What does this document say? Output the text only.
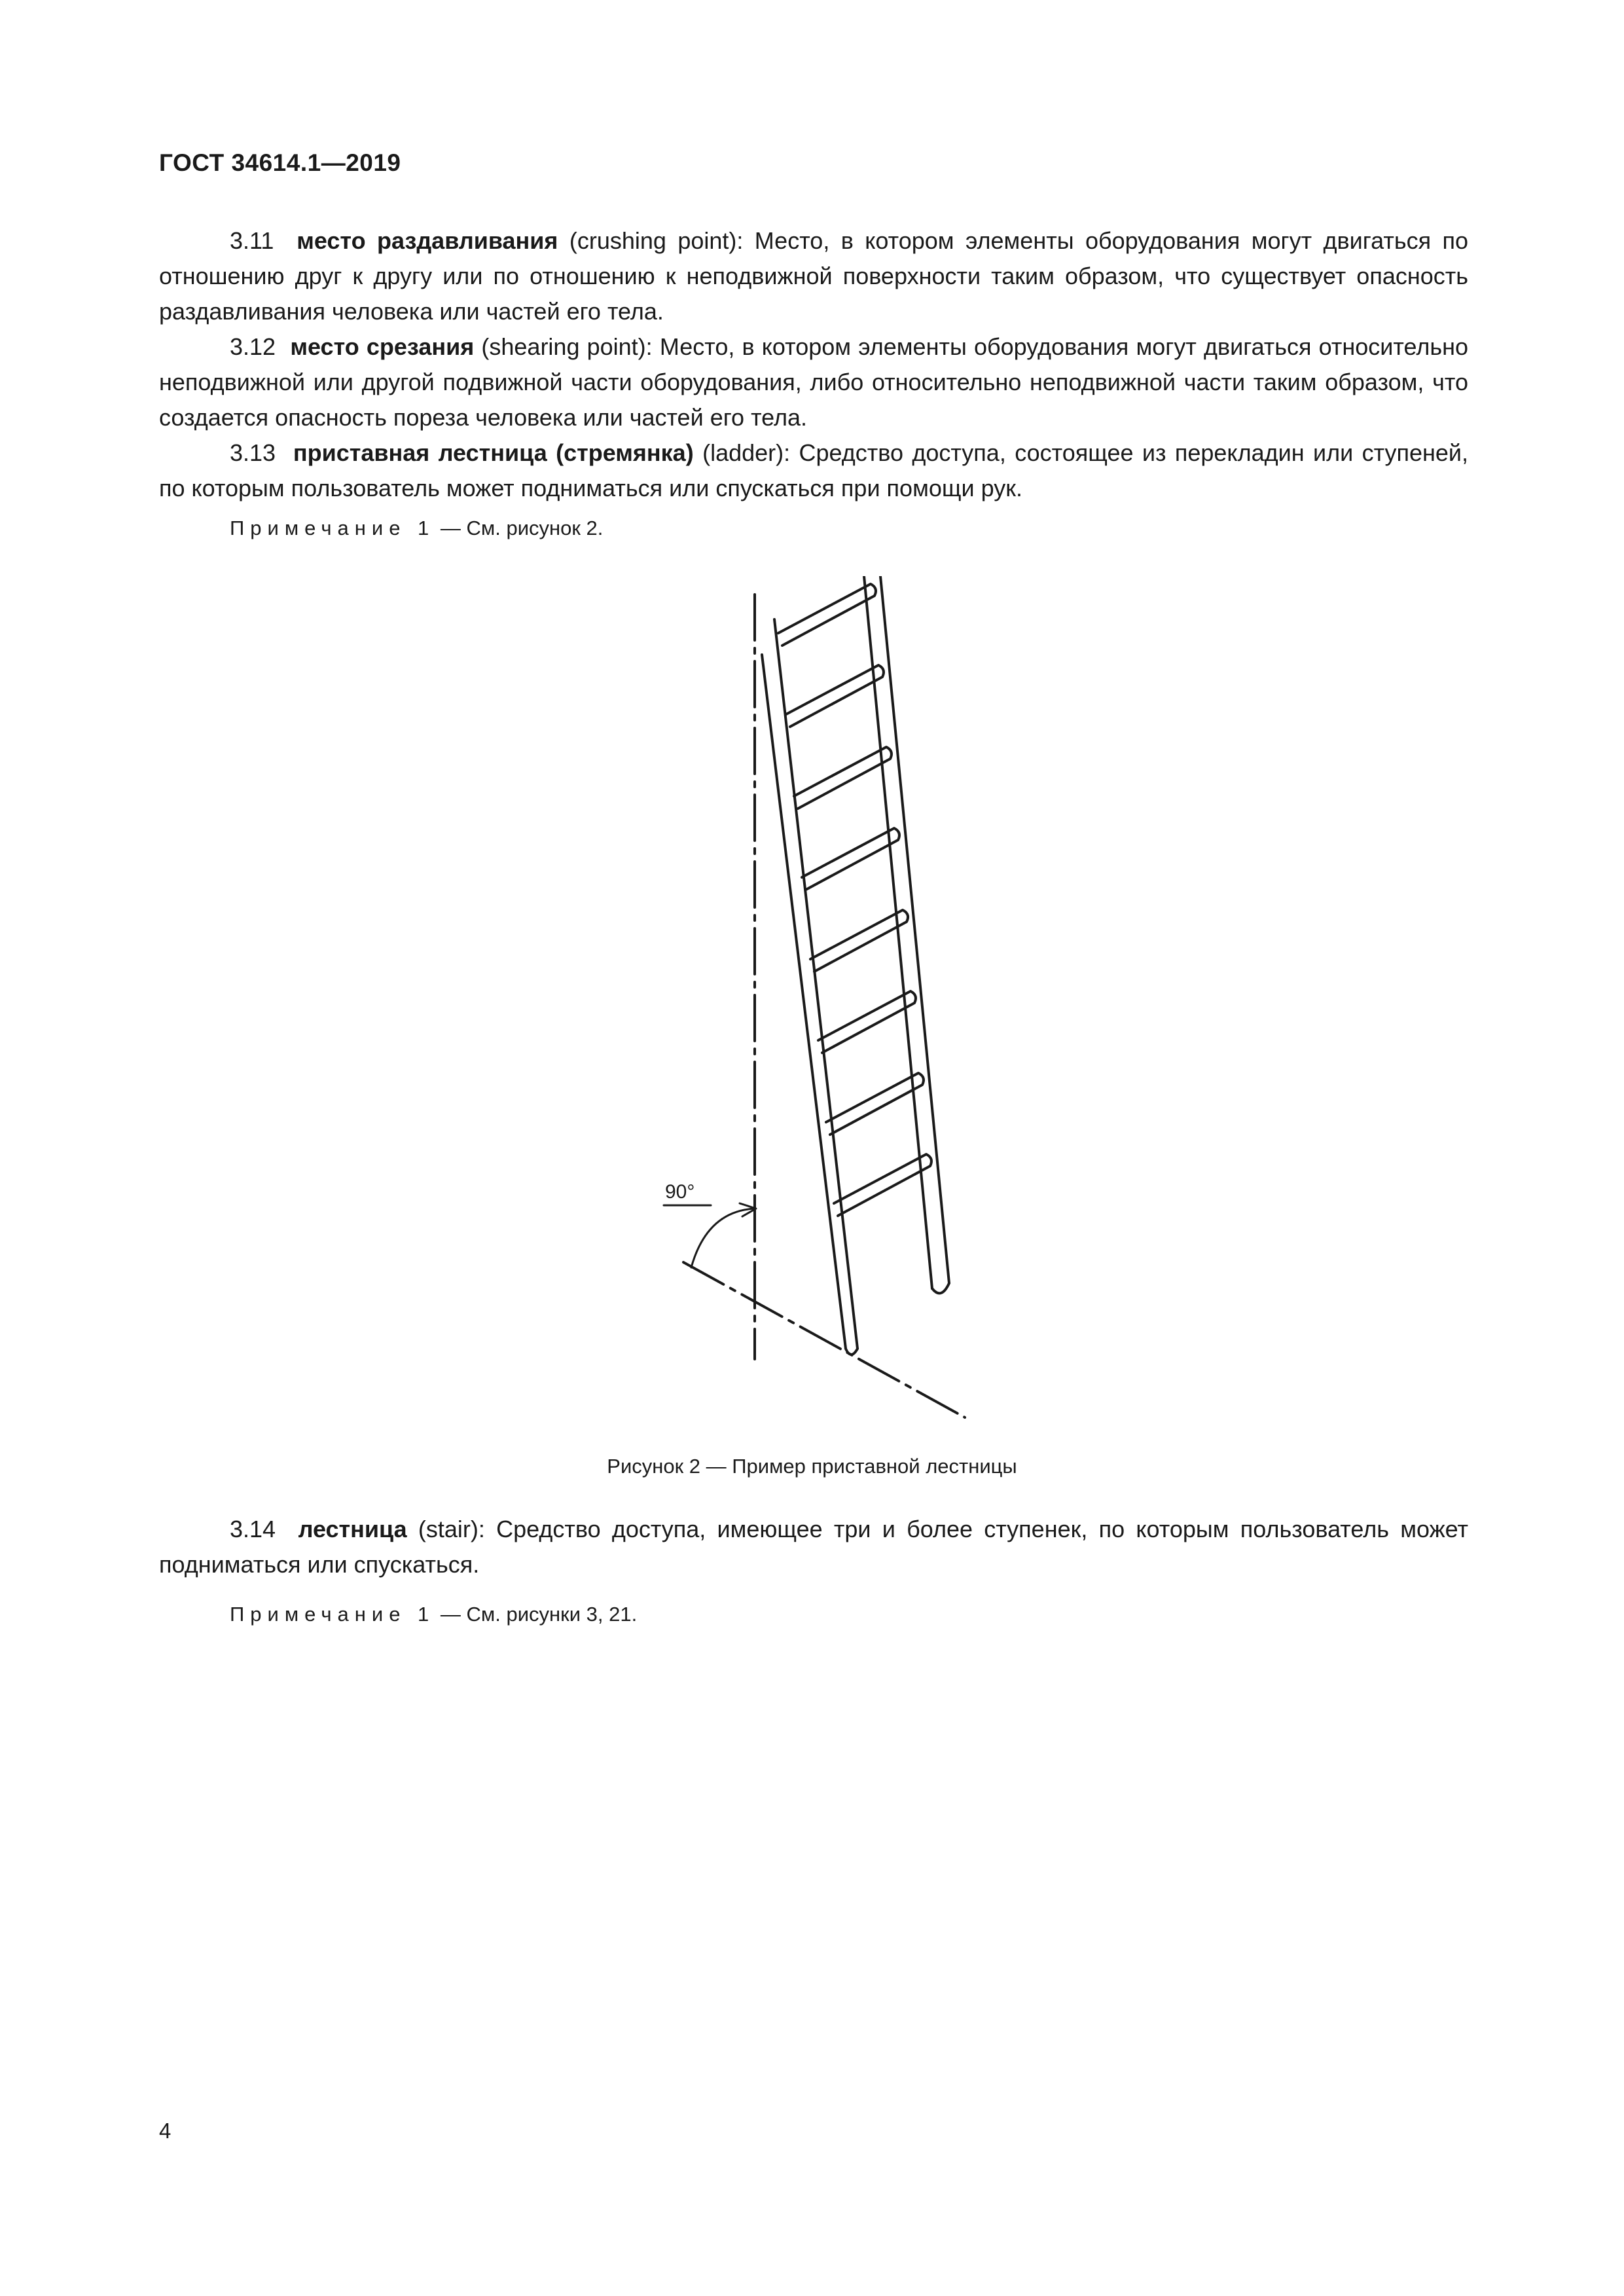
ГОСТ 34614.1—2019

3.11 место раздавливания (crushing point): Место, в котором элементы оборудования могут двигаться по отношению друг к другу или по отношению к неподвижной поверхности таким образом, что существует опасность раздавливания человека или частей его тела.

3.12 место срезания (shearing point): Место, в котором элементы оборудования могут двигаться относительно неподвижной или другой подвижной части оборудования, либо относительно неподвижной части таким образом, что создается опасность пореза человека или частей его тела.

3.13 приставная лестница (стремянка) (ladder): Средство доступа, состоящее из перекладин или ступеней, по которым пользователь может подниматься или спускаться при помощи рук.

Примечание 1 — См. рисунок 2.

90°
Рисунок 2 — Пример приставной лестницы

3.14 лестница (stair): Средство доступа, имеющее три и более ступенек, по которым пользователь может подниматься или спускаться.

Примечание 1 — См. рисунки 3, 21.

4
